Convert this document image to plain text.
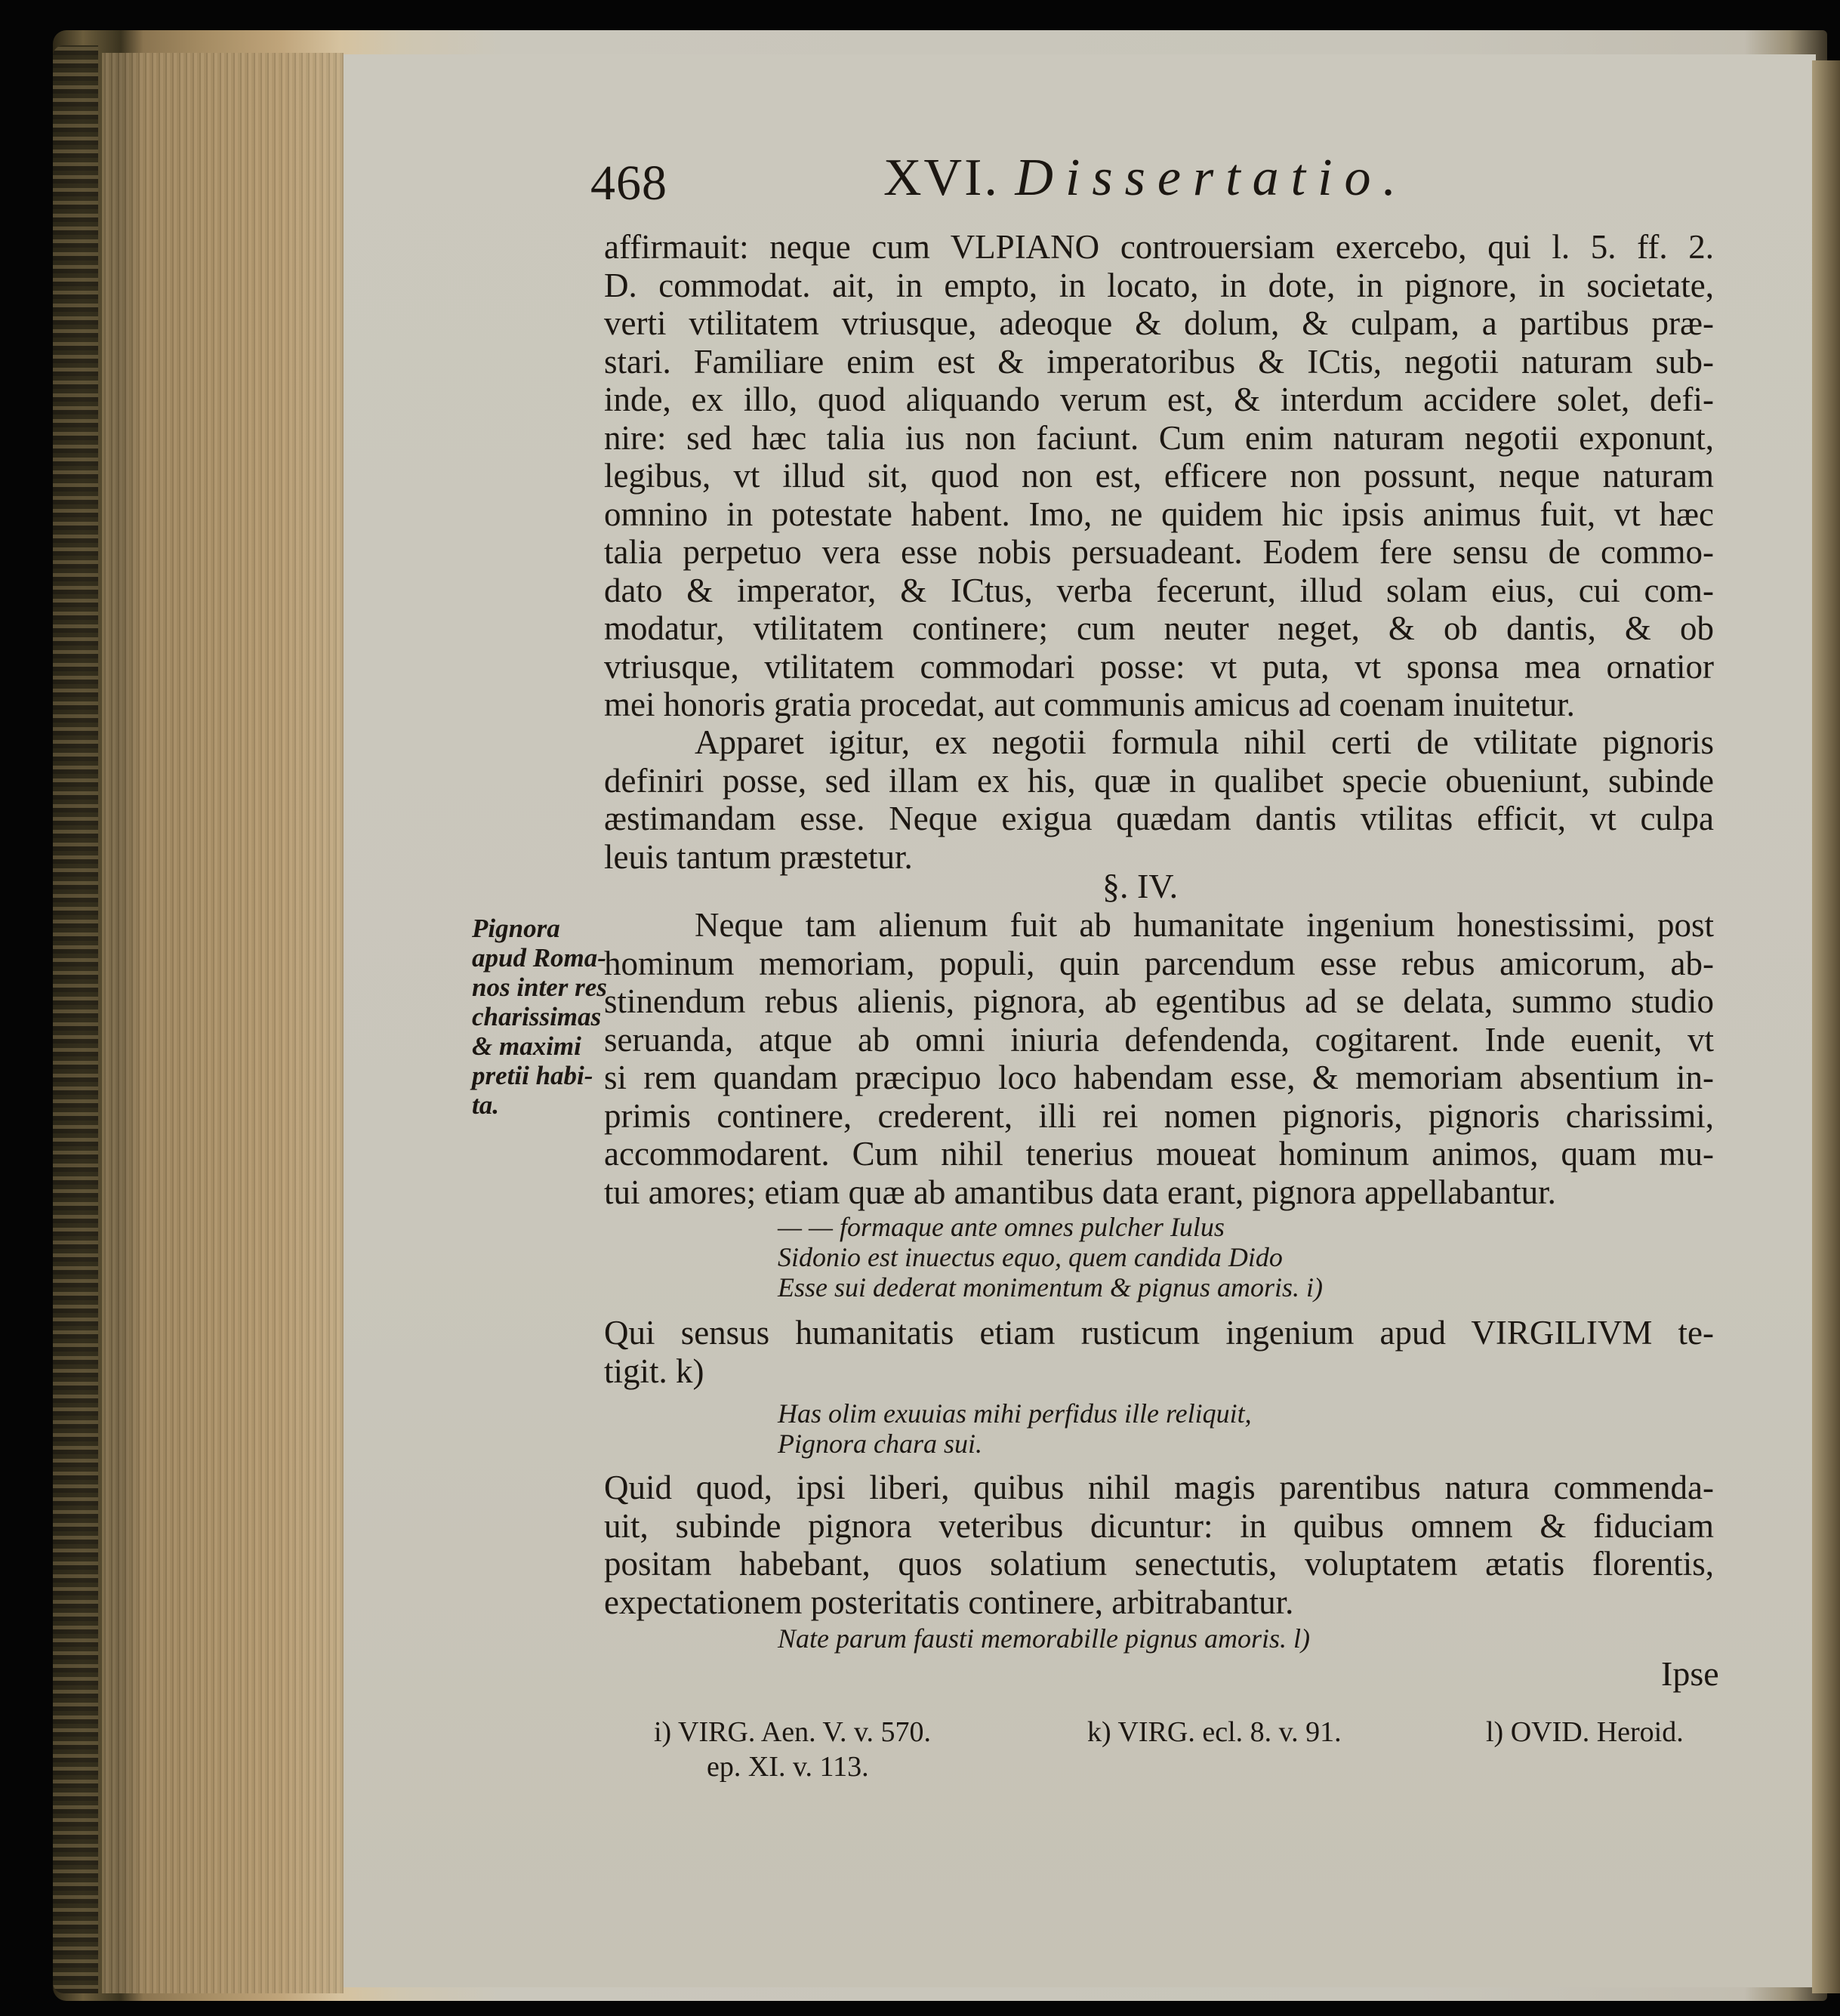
468	XVI. Dissertatio.
affirmauit: neque cum VLPIANO controuersiam exercebo, qui l. 5. ff. 2.
D. commodat. ait, in empto, in locato, in dote, in pignore, in societate,
verti vtilitatem vtriusque, adeoque & dolum, & culpam, a partibus præ-
stari. Familiare enim est & imperatoribus & ICtis, negotii naturam sub-
inde, ex illo, quod aliquando verum est, & interdum accidere solet, defi-
nire: sed hæc talia ius non faciunt. Cum enim naturam negotii exponunt,
legibus, vt illud sit, quod non est, efficere non possunt, neque naturam
omnino in potestate habent. Imo, ne quidem hic ipsis animus fuit, vt hæc
talia perpetuo vera esse nobis persuadeant. Eodem fere sensu de commo-
dato & imperator, & ICtus, verba fecerunt, illud solam eius, cui com-
modatur, vtilitatem continere; cum neuter neget, & ob dantis, & ob
vtriusque, vtilitatem commodari posse: vt puta, vt sponsa mea ornatior
mei honoris gratia procedat, aut communis amicus ad coenam inuitetur.
Apparet igitur, ex negotii formula nihil certi de vtilitate pignoris
definiri posse, sed illam ex his, quæ in qualibet specie obueniunt, subinde
æstimandam esse. Neque exigua quædam dantis vtilitas efficit, vt culpa
leuis tantum præstetur.
§. IV.
Pignora
apud Roma-
nos inter res
charissimas
& maximi
pretii habi-
ta.
Neque tam alienum fuit ab humanitate ingenium honestissimi, post
hominum memoriam, populi, quin parcendum esse rebus amicorum, ab-
stinendum rebus alienis, pignora, ab egentibus ad se delata, summo studio
seruanda, atque ab omni iniuria defendenda, cogitarent. Inde euenit, vt
si rem quandam præcipuo loco habendam esse, & memoriam absentium in-
primis continere, crederent, illi rei nomen pignoris, pignoris charissimi,
accommodarent. Cum nihil tenerius moueat hominum animos, quam mu-
tui amores; etiam quæ ab amantibus data erant, pignora appellabantur.
— — formaque ante omnes pulcher Iulus
Sidonio est inuectus equo, quem candida Dido
Esse sui dederat monimentum & pignus amoris. i)
Qui sensus humanitatis etiam rusticum ingenium apud VIRGILIVM te-
tigit. k)
Has olim exuuias mihi perfidus ille reliquit,
Pignora chara sui.
Quid quod, ipsi liberi, quibus nihil magis parentibus natura commenda-
uit, subinde pignora veteribus dicuntur: in quibus omnem & fiduciam
positam habebant, quos solatium senectutis, voluptatem ætatis florentis,
expectationem posteritatis continere, arbitrabantur.
Nate parum fausti memorabille pignus amoris. l)
Ipse
i) VIRG. Aen. V. v. 570.
ep. XI. v. 113.
k) VIRG. ecl. 8. v. 91.	l) OVID. Heroid.
